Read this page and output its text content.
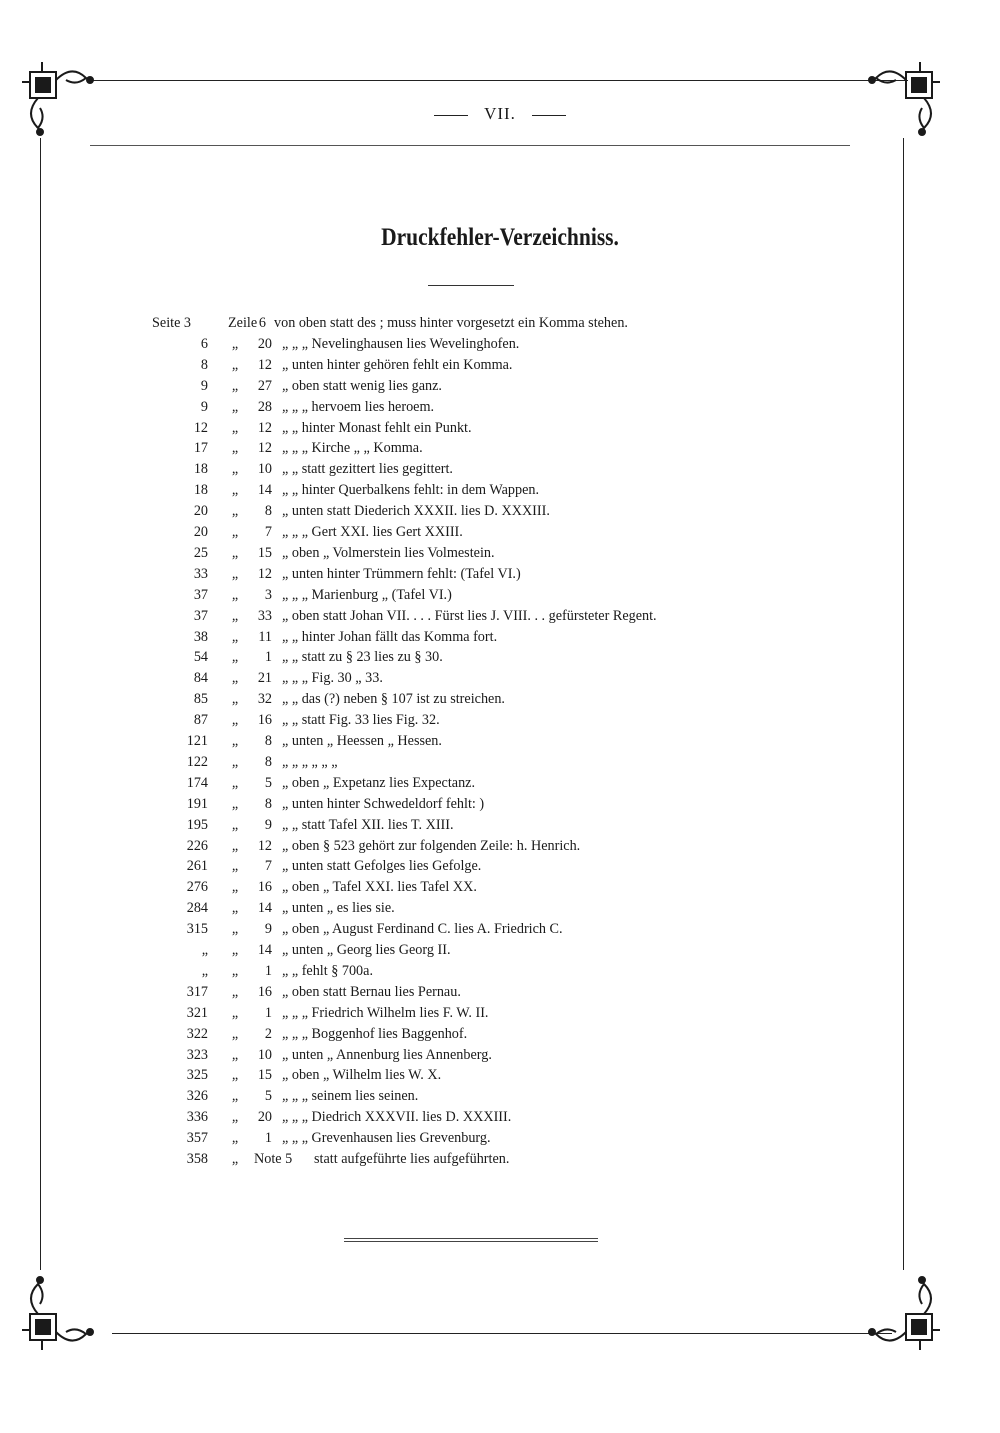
VII.
Druckfehler-Verzeichniss.
Seite 3	Zeile 6 von oben statt des ; muss hinter vorgesetzt ein Komma stehen.
6	„	20 „ „ „ Nevelinghausen lies Wevelinghofen.
8	„	12 „ unten hinter gehören fehlt ein Komma.
9	„	27 „ oben statt wenig lies ganz.
9	„	28 „ „ „ hervoem lies heroem.
12	„	12 „ „ hinter Monast fehlt ein Punkt.
17	„	12 „ „ „ Kirche „ „ Komma.
18	„	10 „ „ statt gezittert lies gegittert.
18	„	14 „ „ hinter Querbalkens fehlt: in dem Wappen.
20	„	8 „ unten statt Diederich XXXII. lies D. XXXIII.
20	„	7 „ „ „ Gert XXI. lies Gert XXIII.
25	„	15 „ oben „ Volmerstein lies Volmestein.
33	„	12 „ unten hinter Trümmern fehlt: (Tafel VI.)
37	„	3 „ „ „ Marienburg „ (Tafel VI.)
37	„	33 „ oben statt Johan VII. . . . Fürst lies J. VIII. . . gefürsteter Regent.
38	„	11 „ „ hinter Johan fällt das Komma fort.
54	„	1 „ „ statt zu § 23 lies zu § 30.
84	„	21 „ „ „ Fig. 30 „ 33.
85	„	32 „ „ das (?) neben § 107 ist zu streichen.
87	„	16 „ „ statt Fig. 33 lies Fig. 32.
121	„	8 „ unten „ Heessen „ Hessen.
122	„	8 „ „ „ „ „ „
174	„	5 „ oben „ Expetanz lies Expectanz.
191	„	8 „ unten hinter Schwedeldorf fehlt: )
195	„	9 „ „ statt Tafel XII. lies T. XIII.
226	„	12 „ oben § 523 gehört zur folgenden Zeile: h. Henrich.
261	„	7 „ unten statt Gefolges lies Gefolge.
276	„	16 „ oben „ Tafel XXI. lies Tafel XX.
284	„	14 „ unten „ es lies sie.
315	„	9 „ oben „ August Ferdinand C. lies A. Friedrich C.
„	„	14 „ unten „ Georg lies Georg II.
„	„	1 „ „ fehlt § 700a.
317	„	16 „ oben statt Bernau lies Pernau.
321	„	1 „ „ „ Friedrich Wilhelm lies F. W. II.
322	„	2 „ „ „ Boggenhof lies Baggenhof.
323	„	10 „ unten „ Annenburg lies Annenberg.
325	„	15 „ oben „ Wilhelm lies W. X.
326	„	5 „ „ „ seinem lies seinen.
336	„	20 „ „ „ Diedrich XXXVII. lies D. XXXIII.
357	„	1 „ „ „ Grevenhausen lies Grevenburg.
358	„	Note 5 statt aufgeführte lies aufgeführten.
